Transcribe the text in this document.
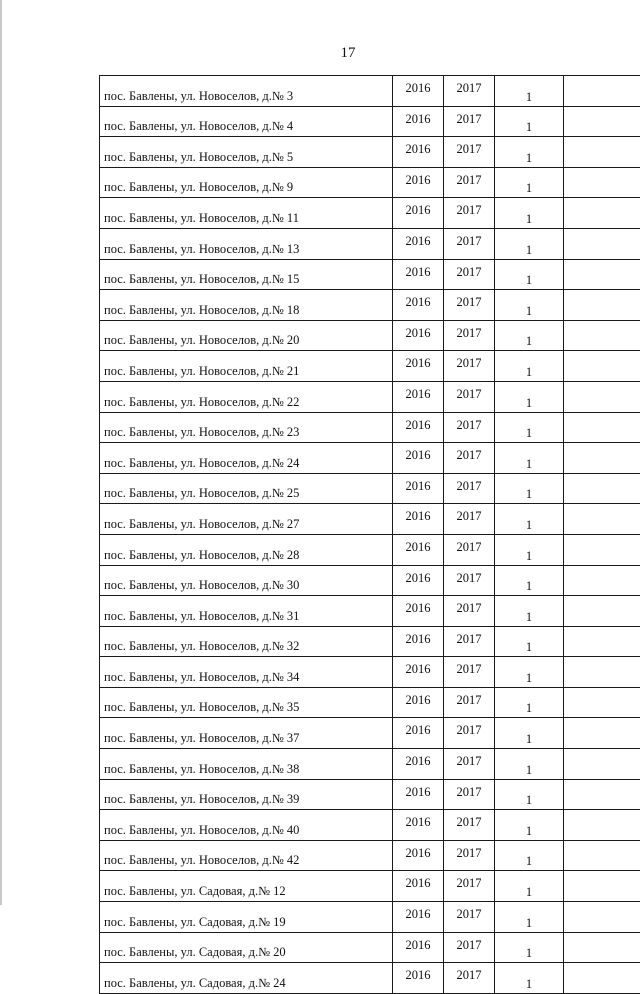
17
пос. Бавлены, ул. Новоселов, д.№ 3	2016	2017	1	
пос. Бавлены, ул. Новоселов, д.№ 4	2016	2017	1	
пос. Бавлены, ул. Новоселов, д.№ 5	2016	2017	1	
пос. Бавлены, ул. Новоселов, д.№ 9	2016	2017	1	
пос. Бавлены, ул. Новоселов, д.№ 11	2016	2017	1	
пос. Бавлены, ул. Новоселов, д.№ 13	2016	2017	1	
пос. Бавлены, ул. Новоселов, д.№ 15	2016	2017	1	
пос. Бавлены, ул. Новоселов, д.№ 18	2016	2017	1	
пос. Бавлены, ул. Новоселов, д.№ 20	2016	2017	1	
пос. Бавлены, ул. Новоселов, д.№ 21	2016	2017	1	
пос. Бавлены, ул. Новоселов, д.№ 22	2016	2017	1	
пос. Бавлены, ул. Новоселов, д.№ 23	2016	2017	1	
пос. Бавлены, ул. Новоселов, д.№ 24	2016	2017	1	
пос. Бавлены, ул. Новоселов, д.№ 25	2016	2017	1	
пос. Бавлены, ул. Новоселов, д.№ 27	2016	2017	1	
пос. Бавлены, ул. Новоселов, д.№ 28	2016	2017	1	
пос. Бавлены, ул. Новоселов, д.№ 30	2016	2017	1	
пос. Бавлены, ул. Новоселов, д.№ 31	2016	2017	1	
пос. Бавлены, ул. Новоселов, д.№ 32	2016	2017	1	
пос. Бавлены, ул. Новоселов, д.№ 34	2016	2017	1	
пос. Бавлены, ул. Новоселов, д.№ 35	2016	2017	1	
пос. Бавлены, ул. Новоселов, д.№ 37	2016	2017	1	
пос. Бавлены, ул. Новоселов, д.№ 38	2016	2017	1	
пос. Бавлены, ул. Новоселов, д.№ 39	2016	2017	1	
пос. Бавлены, ул. Новоселов, д.№ 40	2016	2017	1	
пос. Бавлены, ул. Новоселов, д.№ 42	2016	2017	1	
пос. Бавлены, ул. Садовая, д.№ 12	2016	2017	1	
пос. Бавлены, ул. Садовая, д.№ 19	2016	2017	1	
пос. Бавлены, ул. Садовая, д.№ 20	2016	2017	1	
пос. Бавлены, ул. Садовая, д.№ 24	2016	2017	1	
